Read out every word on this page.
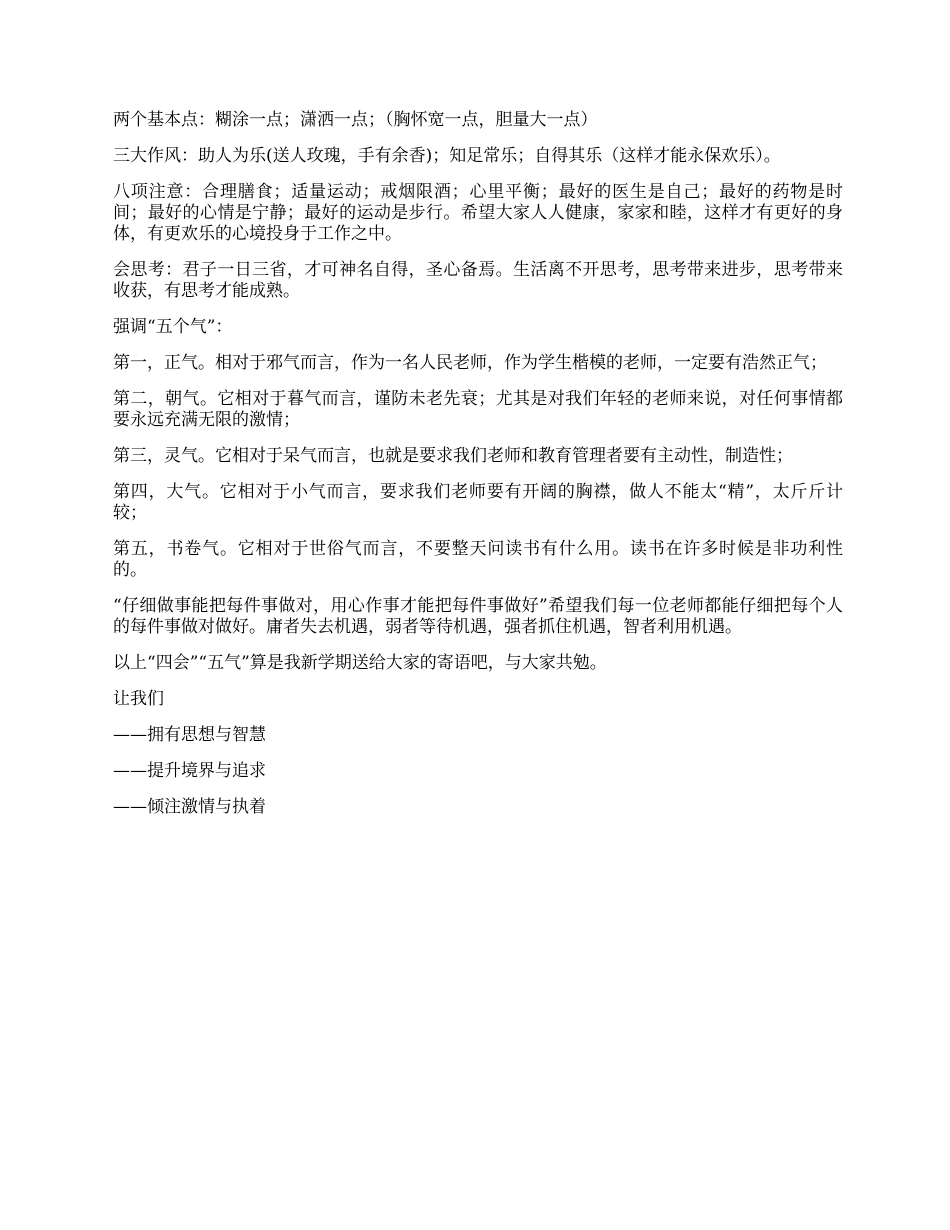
两个基本点：糊涂一点；潇洒一点；（胸怀宽一点，胆量大一点）

三大作风：助人为乐(送人玫瑰，手有余香)；知足常乐；自得其乐（这样才能永保欢乐）。

八项注意：合理膳食；适量运动；戒烟限酒；心里平衡；最好的医生是自己；最好的药物是时间；最好的心情是宁静；最好的运动是步行。希望大家人人健康，家家和睦，这样才有更好的身体，有更欢乐的心境投身于工作之中。

会思考：君子一日三省，才可神名自得，圣心备焉。生活离不开思考，思考带来进步，思考带来收获，有思考才能成熟。

强调“五个气”：

第一，正气。相对于邪气而言，作为一名人民老师，作为学生楷模的老师，一定要有浩然正气；

第二，朝气。它相对于暮气而言，谨防未老先衰；尤其是对我们年轻的老师来说，对任何事情都要永远充满无限的激情；

第三，灵气。它相对于呆气而言，也就是要求我们老师和教育管理者要有主动性，制造性；

第四，大气。它相对于小气而言，要求我们老师要有开阔的胸襟，做人不能太“精”，太斤斤计较；

第五，书卷气。它相对于世俗气而言，不要整天问读书有什么用。读书在许多时候是非功利性的。

“仔细做事能把每件事做对，用心作事才能把每件事做好”希望我们每一位老师都能仔细把每个人的每件事做对做好。庸者失去机遇，弱者等待机遇，强者抓住机遇，智者利用机遇。

以上“四会”“五气”算是我新学期送给大家的寄语吧，与大家共勉。

让我们

——拥有思想与智慧

——提升境界与追求

——倾注激情与执着
